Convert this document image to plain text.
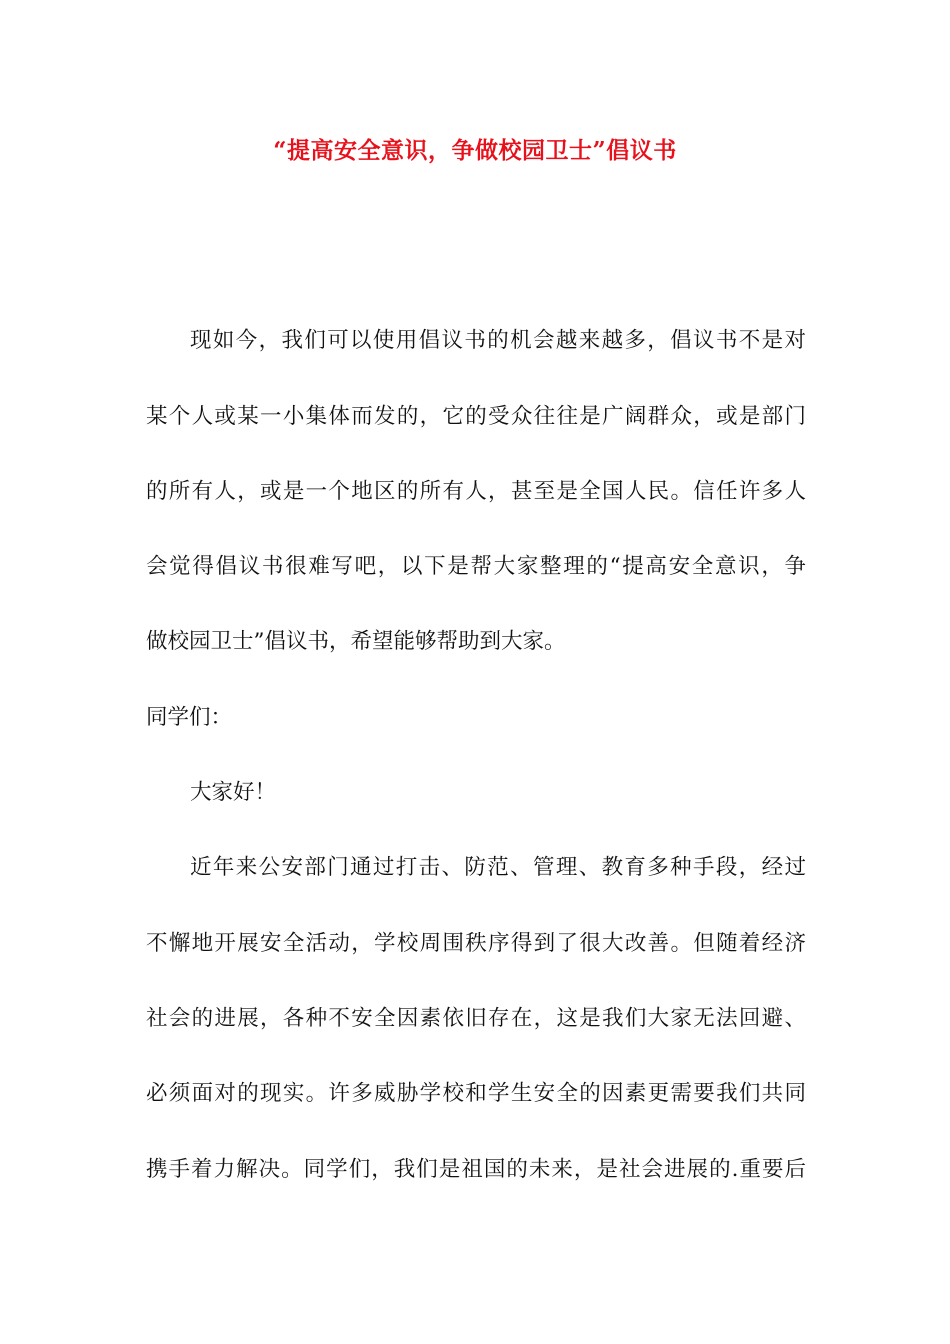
“提高安全意识，争做校园卫士”倡议书
现如今，我们可以使用倡议书的机会越来越多，倡议书不是对
某个人或某一小集体而发的，它的受众往往是广阔群众，或是部门
的所有人，或是一个地区的所有人，甚至是全国人民。信任许多人
会觉得倡议书很难写吧，以下是帮大家整理的“提高安全意识，争
做校园卫士”倡议书，希望能够帮助到大家。
同学们：
大家好！
近年来公安部门通过打击、防范、管理、教育多种手段，经过
不懈地开展安全活动，学校周围秩序得到了很大改善。但随着经济
社会的进展，各种不安全因素依旧存在，这是我们大家无法回避、
必须面对的现实。许多威胁学校和学生安全的因素更需要我们共同
携手着力解决。同学们，我们是祖国的未来，是社会进展的.重要后
